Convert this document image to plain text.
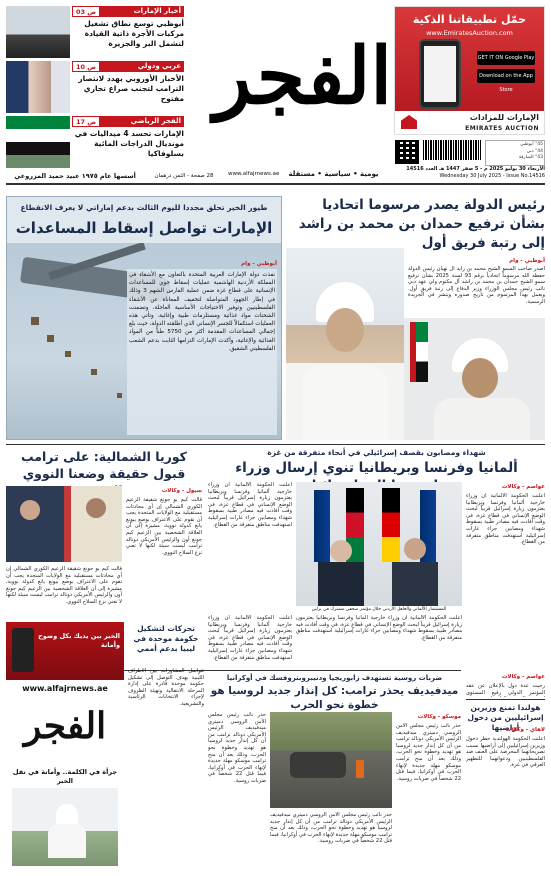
حمّل تطبيقاتنا الذكية
www.EmiratesAuction.com
GET IT ON Google Play
Download on the App Store
الإمارات للمزادات
EMIRATES AUCTION
°45 أبوظبي
°44 دبي
°43 الشارقة
الأربعاء 30 يوليو 2025 م - 5 صفر 1447 هـ العدد 14516
Wednesday 30 July 2025 - Issue No.14516
الفجر
يومية • سياسية • مستقلة
www.alfajrnews.ae
28 صفحة - الثمن درهمان
أسسها عام ١٩٧٥ عبيد حميد المزروعي
أخبار الإمارات
ص 03
أبوظبي توسع نطاق تشغيل مركبات الأجرة ذاتية القيادة لتشمل البر والجزيرة
عربي ودولي
ص 10
الأخبار الأوروبي يهدد لانتصار الترامب لتجنب صراع تجاري مفتوح
الفجر الرياضي
ص 17
الإمارات تحسد 4 ميداليات في مونديال الدراجات المائية بسلوفاكيا
رئيس الدولة يصدر مرسوما اتحاديا بشأن ترفيع حمدان بن محمد بن راشد إلى رتبة فريق أول
أبوظبي - وام
أصدر صاحب السمو الشيخ محمد بن زايد آل نهيان رئيس الدولة حفظه الله مرسوماً اتحادياً برقم 93 لسنة 2025 بشأن ترفيع سمو الشيخ حمدان بن محمد بن راشد آل مكتوم ولي عهد دبي نائب رئيس مجلس الوزراء وزير الدفاع إلى رتبة فريق أول. ويعمل بهذا المرسوم من تاريخ صدوره وينشر في الجريدة الرسمية.
طيور الخير تحلق مجددا لليوم الثالث بدعم إماراتي لا يعرف الانقطاع
الإمارات تواصل إسقاط المساعدات
أبوظبي - وام
نفذت دولة الإمارات العربية المتحدة بالتعاون مع الأشقاء في المملكة الأردنية الهاشمية عمليات إسقاط جوي للمساعدات الإنسانية على قطاع غزة ضمن عملية الفارس الشهم 3 وذلك في إطار الجهود المتواصلة لتخفيف المعاناة عن الأشقاء الفلسطينيين وتوفير الاحتياجات الأساسية العاجلة، وتضمنت الشحنات مواد غذائية ومستلزمات طبية وإغاثية. وتأتي هذه العمليات استكمالاً للجسر الإنساني الذي أطلقته الدولة، حيث بلغ إجمالي المساعدات المقدمة أكثر من 5750 طناً من المواد الغذائية والإغاثية، وأكدت الإمارات التزامها الثابت بدعم الشعب الفلسطيني الشقيق.
كوريا الشمالية: على ترامب قبول حقيقة وضعنا النووي
سيول - وكالات
قالت كيم يو جونغ شقيقة الزعيم الكوري الشمالي إن أي محادثات مستقبلية مع الولايات المتحدة يجب أن تقوم على الاعتراف بوضع بيونغ يانغ كدولة نووية، مشيرة إلى أن العلاقة الشخصية بين الزعيم كيم جونغ أون والرئيس الأمريكي دونالد ترامب ليست سيئة لكنها لا تعني نزع السلاح النووي.
قالت كيم يو جونغ شقيقة الزعيم الكوري الشمالي إن أي محادثات مستقبلية مع الولايات المتحدة يجب أن تقوم على الاعتراف بوضع بيونغ يانغ كدولة نووية، مشيرة إلى أن العلاقة الشخصية بين الزعيم كيم جونغ أون والرئيس الأمريكي دونالد ترامب ليست سيئة لكنها لا تعني نزع السلاح النووي.
شهداء ومصابون بقصف إسرائيلي في أنحاء متفرقة من غزة
ألمانيا وفرنسا وبريطانيا تنوي إرسال وزراء
المستشار الألماني والعاهل الأردني خلال مؤتمر صحفي مشترك في برلين
عواصم - وكالات
أعلنت الحكومة الألمانية أن وزراء خارجية ألمانيا وفرنسا وبريطانيا يعتزمون زيارة إسرائيل قريباً لبحث الوضع الإنساني في قطاع غزة، في وقت أفادت فيه مصادر طبية بسقوط شهداء ومصابين جراء غارات إسرائيلية استهدفت مناطق متفرقة من القطاع.
أعلنت الحكومة الألمانية أن وزراء خارجية ألمانيا وفرنسا وبريطانيا يعتزمون زيارة إسرائيل قريباً لبحث الوضع الإنساني في قطاع غزة، في وقت أفادت فيه مصادر طبية بسقوط شهداء ومصابين جراء غارات إسرائيلية استهدفت مناطق متفرقة من القطاع.
أعلنت الحكومة الألمانية أن وزراء خارجية ألمانيا وفرنسا وبريطانيا يعتزمون زيارة إسرائيل قريباً لبحث الوضع الإنساني في قطاع غزة، في وقت أفادت فيه مصادر طبية بسقوط شهداء ومصابين جراء غارات إسرائيلية استهدفت مناطق متفرقة من القطاع.
أعلنت الحكومة الألمانية أن وزراء خارجية ألمانيا وفرنسا وبريطانيا يعتزمون زيارة إسرائيل قريباً لبحث الوضع الإنساني في قطاع غزة، في وقت أفادت فيه مصادر طبية بسقوط شهداء ومصابين جراء غارات إسرائيلية استهدفت مناطق متفرقة من القطاع.
تحركات لتشكيل حكومة موحدة في ليبيا بدعم أممي
تتواصل المشاورات بين الأطراف الليبية بهدف التوصل إلى تشكيل حكومة موحدة قادرة على إدارة المرحلة الانتقالية وتهيئة الظروف لإجراء الانتخابات الرئاسية والتشريعية.
ضربات روسية تستهدف زابوريجيا ودنيبروبتروفسك في أوكرانيا
ميدفيديف يحذر ترامب: كل إنذار جديد لروسيا هو خطوة نحو الحرب
موسكو - وكالات
حذر نائب رئيس مجلس الأمن الروسي دميتري ميدفيديف الرئيس الأمريكي دونالد ترامب من أن كل إنذار جديد لروسيا هو تهديد وخطوة نحو الحرب، وذلك بعد أن منح ترامب موسكو مهلة جديدة لإنهاء الحرب في أوكرانيا، فيما قتل 22 شخصاً في ضربات روسية.
حذر نائب رئيس مجلس الأمن الروسي دميتري ميدفيديف الرئيس الأمريكي دونالد ترامب من أن كل إنذار جديد لروسيا هو تهديد وخطوة نحو الحرب، وذلك بعد أن منح ترامب موسكو مهلة جديدة لإنهاء الحرب في أوكرانيا، فيما قتل 22 شخصاً في ضربات روسية.
حذر نائب رئيس مجلس الأمن الروسي دميتري ميدفيديف الرئيس الأمريكي دونالد ترامب من أن كل إنذار جديد لروسيا هو تهديد وخطوة نحو الحرب، وذلك بعد أن منح ترامب موسكو مهلة جديدة لإنهاء الحرب في أوكرانيا، فيما قتل 22 شخصاً في ضربات روسية.
عواصم - وكالات
رحبت عدة دول بالإعلان عن عقد المؤتمر الدولي رفيع المستوى
هولندا تمنع وزيرين إسرائيليين من دخول أراضيها
لاهاي - وكالات
أعلنت الحكومة الهولندية حظر دخول وزيرين إسرائيليين إلى أراضيها بسبب تصريحاتهما المحرضة على العنف ضد الفلسطينيين ودعواتهما للتطهير العرقي في غزة.
الخبر بين يديك بكل وضوح وأمانة
www.alfajrnews.ae
الفجر
جرأة في الكلمة.. وأمانة في نقل الخبر
